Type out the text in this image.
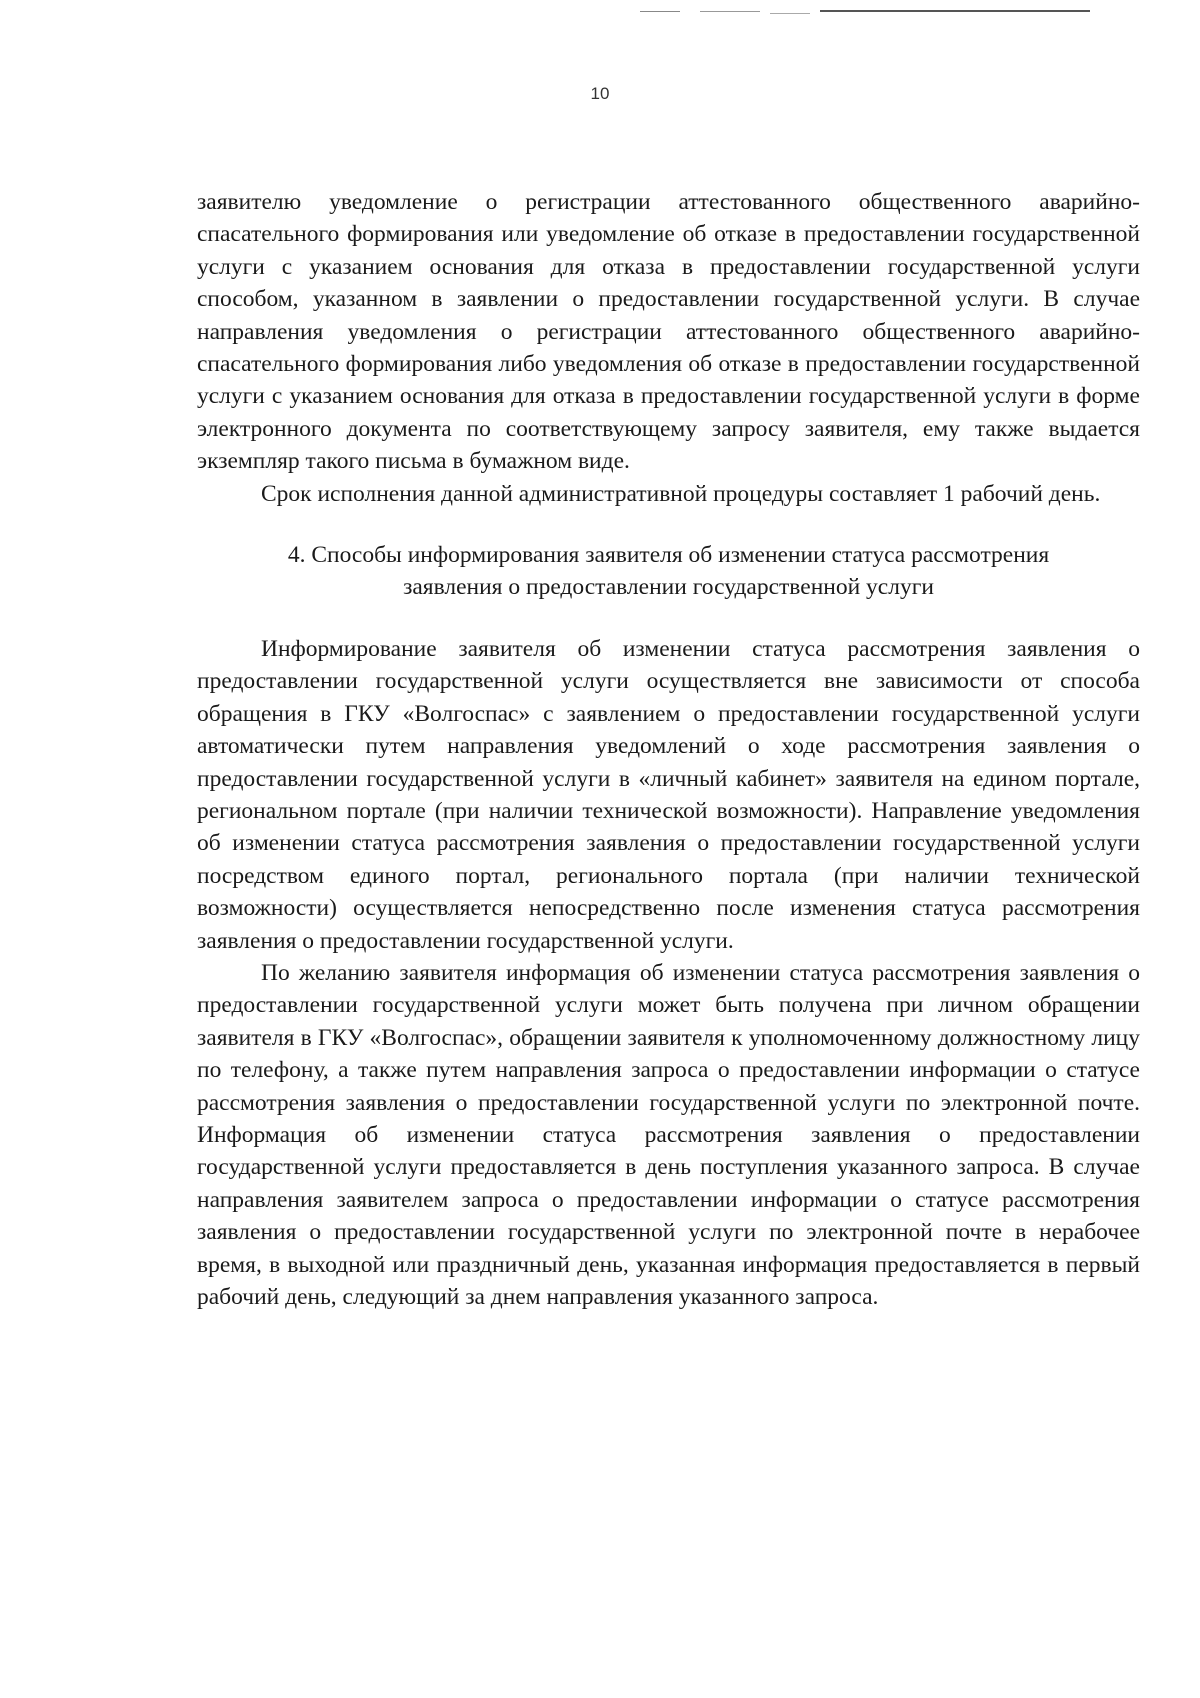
10

заявителю уведомление о регистрации аттестованного общественного аварийно-спасательного формирования или уведомление об отказе в предоставлении государственной услуги с указанием основания для отказа в предоставлении государственной услуги способом, указанном в заявлении о предоставлении государственной услуги. В случае направления уведомления о регистрации аттестованного общественного аварийно-спасательного формирования либо уведомления об отказе в предоставлении государственной услуги с указанием основания для отказа в предоставлении государственной услуги в форме электронного документа по соответствующему запросу заявителя, ему также выдается экземпляр такого письма в бумажном виде.

Срок исполнения данной административной процедуры составляет 1 рабочий день.

4. Способы информирования заявителя об изменении статуса рассмотрения
заявления о предоставлении государственной услуги

Информирование заявителя об изменении статуса рассмотрения заявления о предоставлении государственной услуги осуществляется вне зависимости от способа обращения в ГКУ «Волгоспас» с заявлением о предоставлении государственной услуги автоматически путем направления уведомлений о ходе рассмотрения заявления о предоставлении государственной услуги в «личный кабинет» заявителя на едином портале, региональном портале (при наличии технической возможности). Направление уведомления об изменении статуса рассмотрения заявления о предоставлении государственной услуги посредством единого портал, регионального портала (при наличии технической возможности) осуществляется непосредственно после изменения статуса рассмотрения заявления о предоставлении государственной услуги.

По желанию заявителя информация об изменении статуса рассмотрения заявления о предоставлении государственной услуги может быть получена при личном обращении заявителя в ГКУ «Волгоспас», обращении заявителя к уполномоченному должностному лицу по телефону, а также путем направления запроса о предоставлении информации о статусе рассмотрения заявления о предоставлении государственной услуги по электронной почте. Информация об изменении статуса рассмотрения заявления о предоставлении государственной услуги предоставляется в день поступления указанного запроса. В случае направления заявителем запроса о предоставлении информации о статусе рассмотрения заявления о предоставлении государственной услуги по электронной почте в нерабочее время, в выходной или праздничный день, указанная информация предоставляется в первый рабочий день, следующий за днем направления указанного запроса.
